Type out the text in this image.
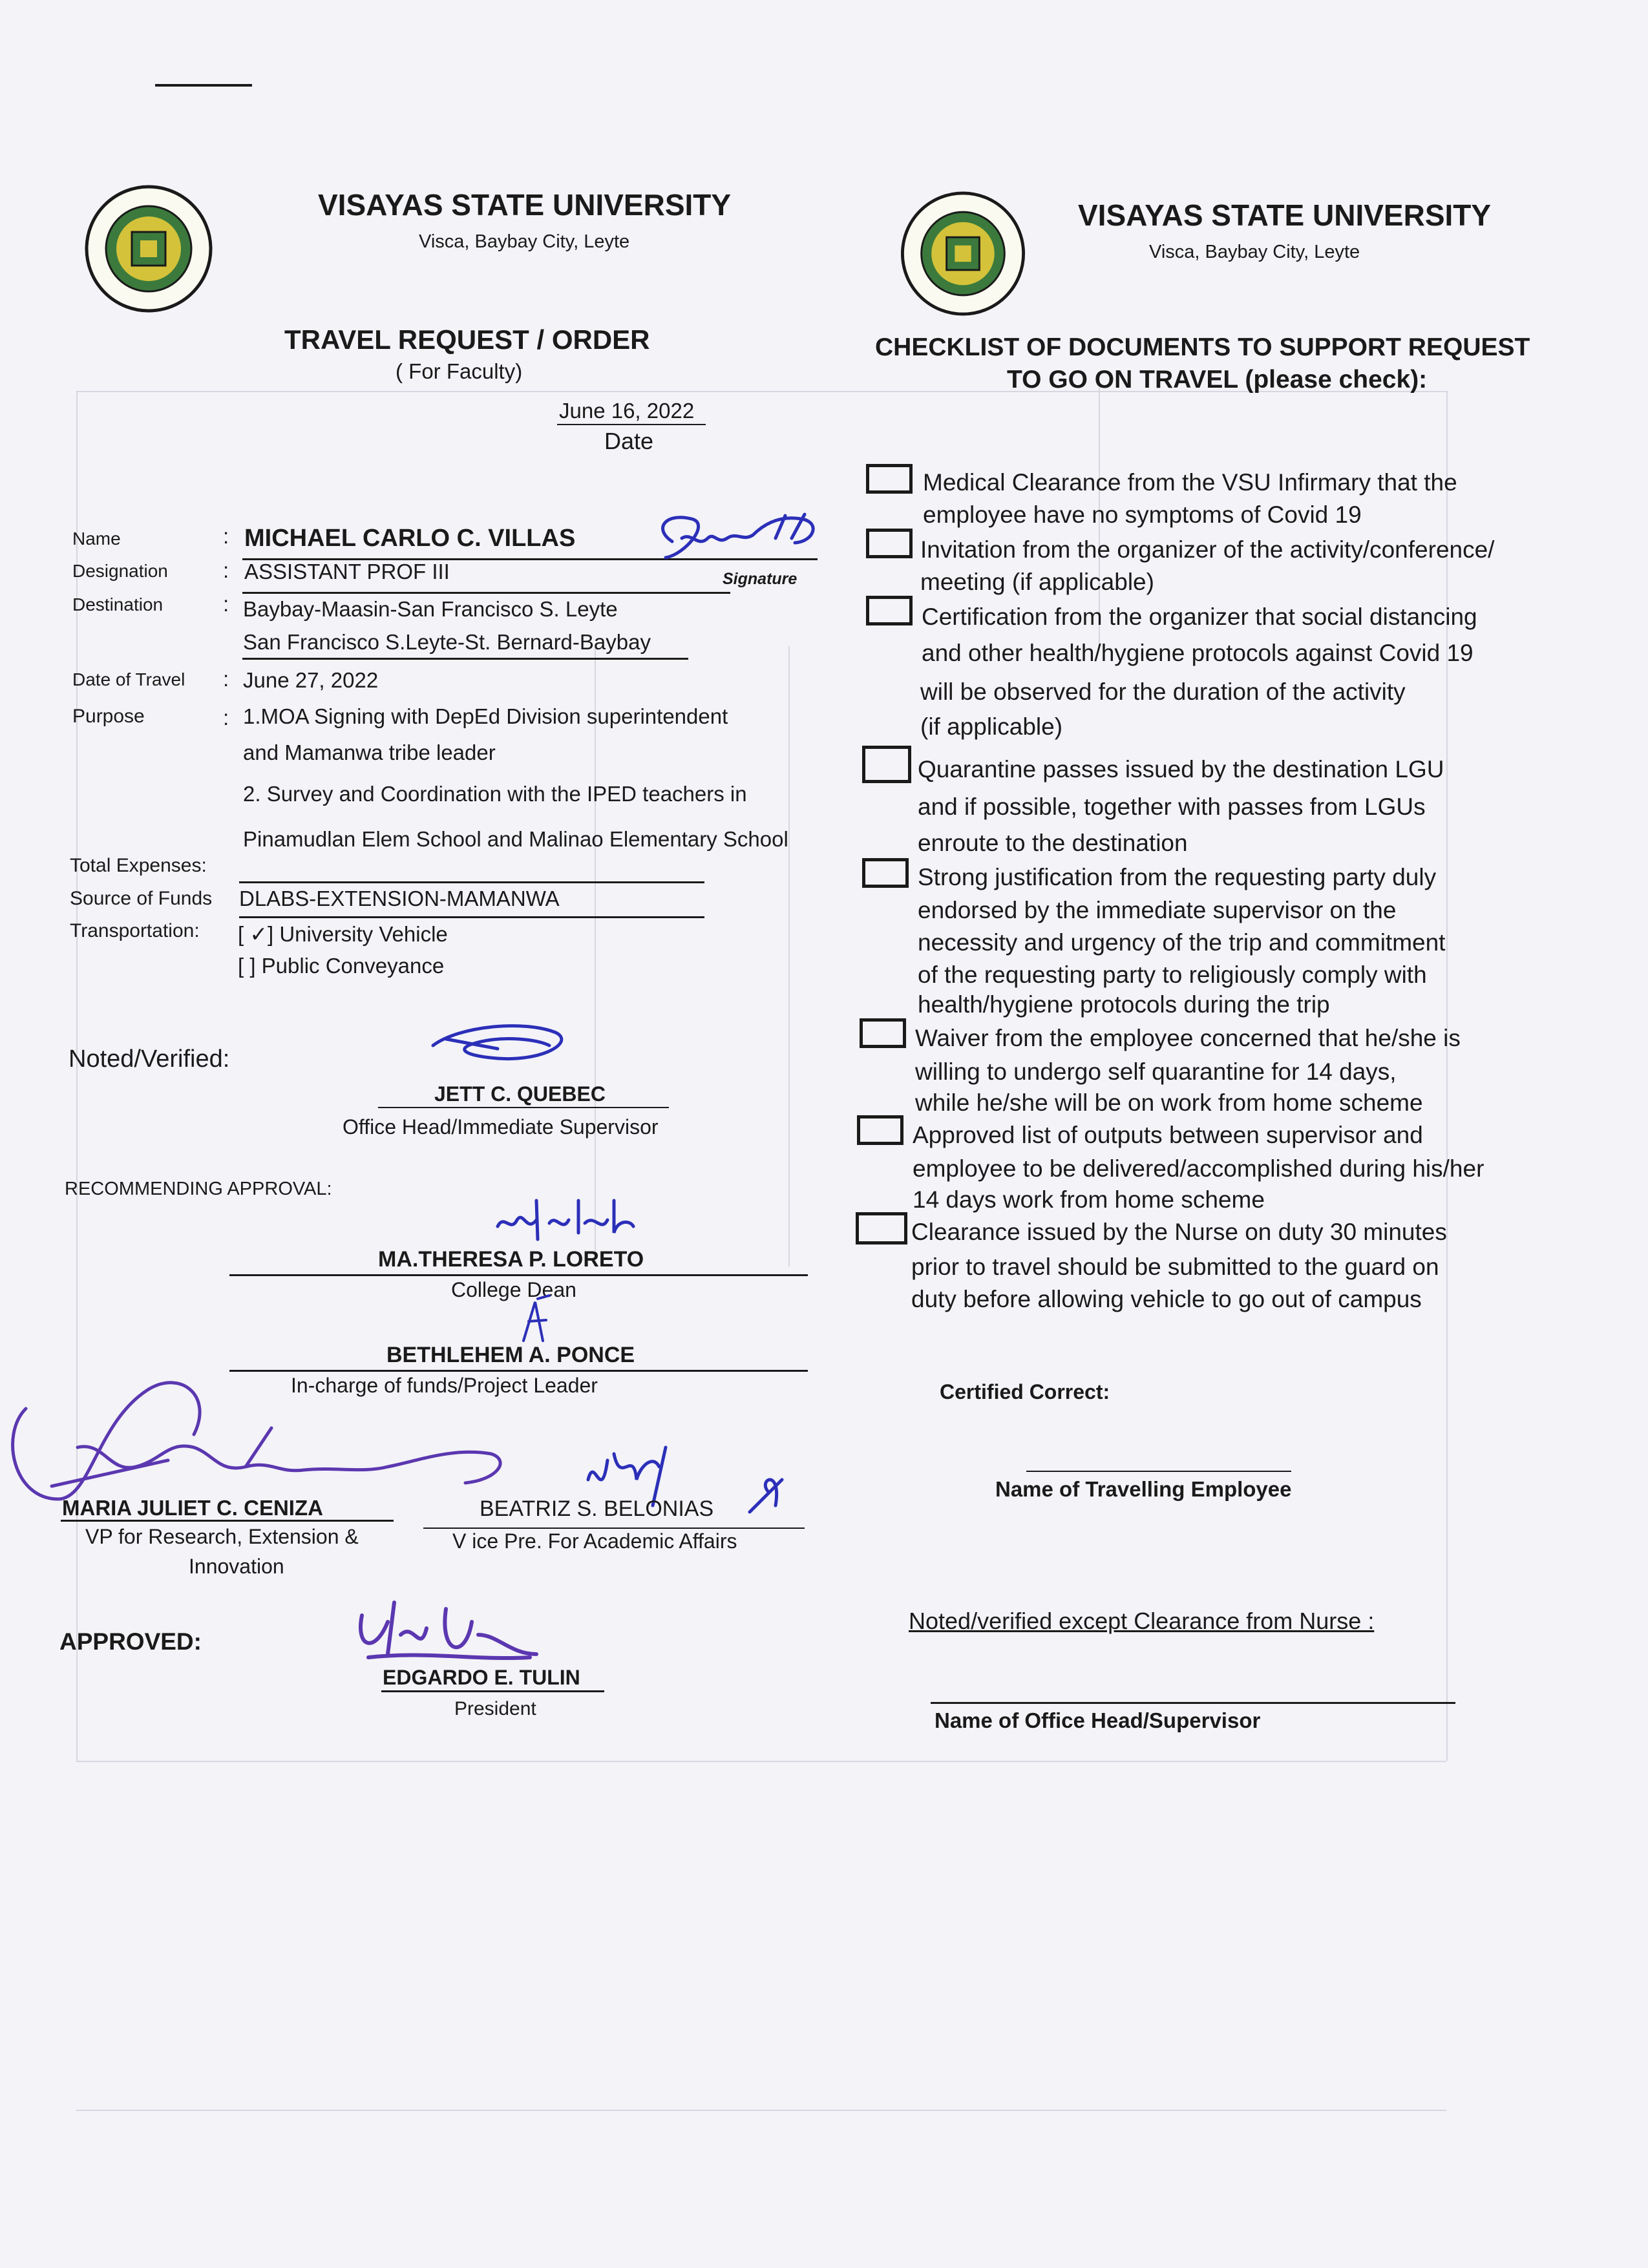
VISAYAS STATE UNIVERSITY
Visca, Baybay City, Leyte
VISAYAS STATE UNIVERSITY
Visca, Baybay City, Leyte
TRAVEL REQUEST / ORDER
( For Faculty)
June 16, 2022
Date
Name	: MICHAEL CARLO C. VILLAS
Signature
Designation	: ASSISTANT PROF III
Destination	: Baybay-Maasin-San Francisco S. Leyte
San Francisco S.Leyte-St. Bernard-Baybay
Date of Travel : June 27, 2022
Purpose	: 1.MOA Signing with DepEd Division superintendent
and Mamanwa tribe leader
2. Survey and Coordination with the IPED teachers in
Pinamudlan Elem School and Malinao Elementary School
Total Expenses:
Source of Funds DLABS-EXTENSION-MAMANWA
Transportation: [ ✓] University Vehicle
[ ] Public Conveyance
Noted/Verified:
JETT C. QUEBEC
Office Head/Immediate Supervisor
RECOMMENDING APPROVAL:
MA.THERESA P. LORETO
College Dean
BETHLEHEM A. PONCE
In-charge of funds/Project Leader
MARIA JULIET C. CENIZA
VP for Research, Extension &
Innovation
BEATRIZ S. BELONIAS
V ice Pre. For Academic Affairs
APPROVED:
EDGARDO E. TULIN
President
CHECKLIST OF DOCUMENTS TO SUPPORT REQUEST
TO GO ON TRAVEL (please check):
Medical Clearance from the VSU Infirmary that the
employee have no symptoms of Covid 19
Invitation from the organizer of the activity/conference/
meeting (if applicable)
Certification from the organizer that social distancing
and other health/hygiene protocols against Covid 19
will be observed for the duration of the activity
(if applicable)
Quarantine passes issued by the destination LGU
and if possible, together with passes from LGUs
enroute to the destination
Strong justification from the requesting party duly
endorsed by the immediate supervisor on the
necessity and urgency of the trip and commitment
of the requesting party to religiously comply with
health/hygiene protocols during the trip
Waiver from the employee concerned that he/she is
willing to undergo self quarantine for 14 days,
while he/she will be on work from home scheme
Approved list of outputs between supervisor and
employee to be delivered/accomplished during his/her
14 days work from home scheme
Clearance issued by the Nurse on duty 30 minutes
prior to travel should be submitted to the guard on
duty before allowing vehicle to go out of campus
Certified Correct:
Name of Travelling Employee
Noted/verified except Clearance from Nurse :
Name of Office Head/Supervisor
